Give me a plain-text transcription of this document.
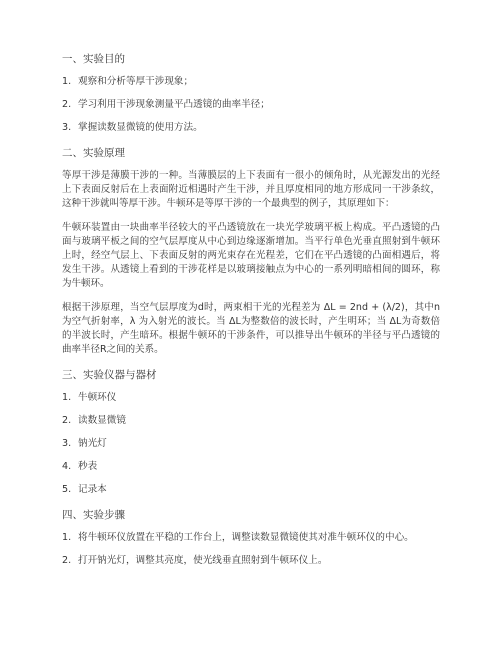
一、实验目的
1. 观察和分析等厚干涉现象；
2. 学习利用干涉现象测量平凸透镜的曲率半径；
3. 掌握读数显微镜的使用方法。
二、实验原理
等厚干涉是薄膜干涉的一种。当薄膜层的上下表面有一很小的倾角时，从光源发出的光经上下表面反射后在上表面附近相遇时产生干涉，并且厚度相同的地方形成同一干涉条纹，这种干涉就叫等厚干涉。牛顿环是等厚干涉的一个最典型的例子，其原理如下：
牛顿环装置由一块曲率半径较大的平凸透镜放在一块光学玻璃平板上构成。平凸透镜的凸面与玻璃平板之间的空气层厚度从中心到边缘逐渐增加。当平行单色光垂直照射到牛顿环上时，经空气层上、下表面反射的两光束存在光程差，它们在平凸透镜的凸面相遇后，将发生干涉。从透镜上看到的干涉花样是以玻璃接触点为中心的一系列明暗相间的圆环，称为牛顿环。
根据干涉原理，当空气层厚度为d时，两束相干光的光程差为 ΔL = 2nd + (λ/2)，其中n为空气折射率，λ 为入射光的波长。当 ΔL为整数倍的波长时，产生明环；当 ΔL为奇数倍的半波长时，产生暗环。根据牛顿环的干涉条件，可以推导出牛顿环的半径与平凸透镜的曲率半径R之间的关系。
三、实验仪器与器材
1. 牛顿环仪
2. 读数显微镜
3. 钠光灯
4. 秒表
5. 记录本
四、实验步骤
1. 将牛顿环仪放置在平稳的工作台上，调整读数显微镜使其对准牛顿环仪的中心。
2. 打开钠光灯，调整其亮度，使光线垂直照射到牛顿环仪上。
